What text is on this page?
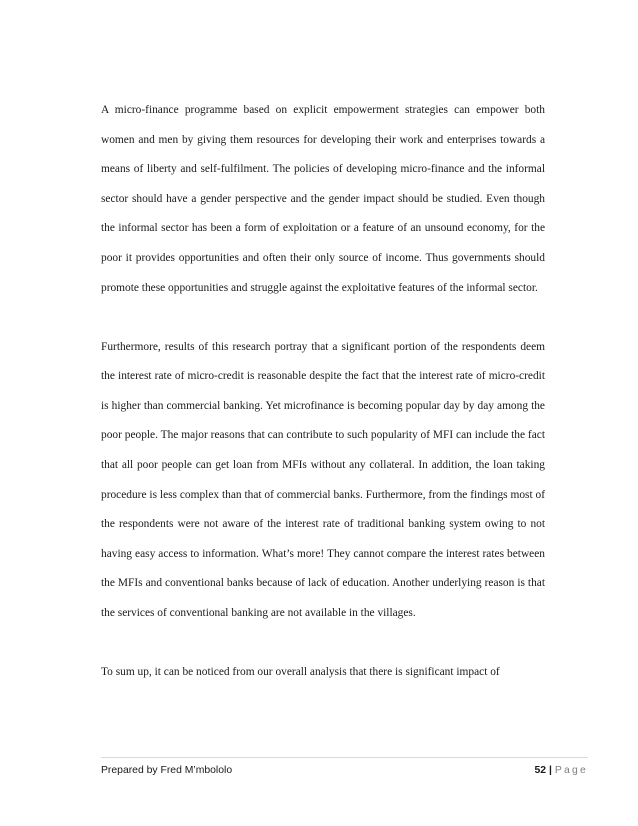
A micro-finance programme based on explicit empowerment strategies can empower both women and men by giving them resources for developing their work and enterprises towards a means of liberty and self-fulfilment. The policies of developing micro-finance and the informal sector should have a gender perspective and the gender impact should be studied. Even though the informal sector has been a form of exploitation or a feature of an unsound economy, for the poor it provides opportunities and often their only source of income. Thus governments should promote these opportunities and struggle against the exploitative features of the informal sector.

Furthermore, results of this research portray that a significant portion of the respondents deem the interest rate of micro-credit is reasonable despite the fact that the interest rate of micro-credit is higher than commercial banking. Yet microfinance is becoming popular day by day among the poor people. The major reasons that can contribute to such popularity of MFI can include the fact that all poor people can get loan from MFIs without any collateral. In addition, the loan taking procedure is less complex than that of commercial banks. Furthermore, from the findings most of the respondents were not aware of the interest rate of traditional banking system owing to not having easy access to information. What’s more! They cannot compare the interest rates between the MFIs and conventional banks because of lack of education. Another underlying reason is that the services of conventional banking are not available in the villages.

To sum up, it can be noticed from our overall analysis that there is significant impact of

Prepared by Fred M’mbololo	52 | Page
